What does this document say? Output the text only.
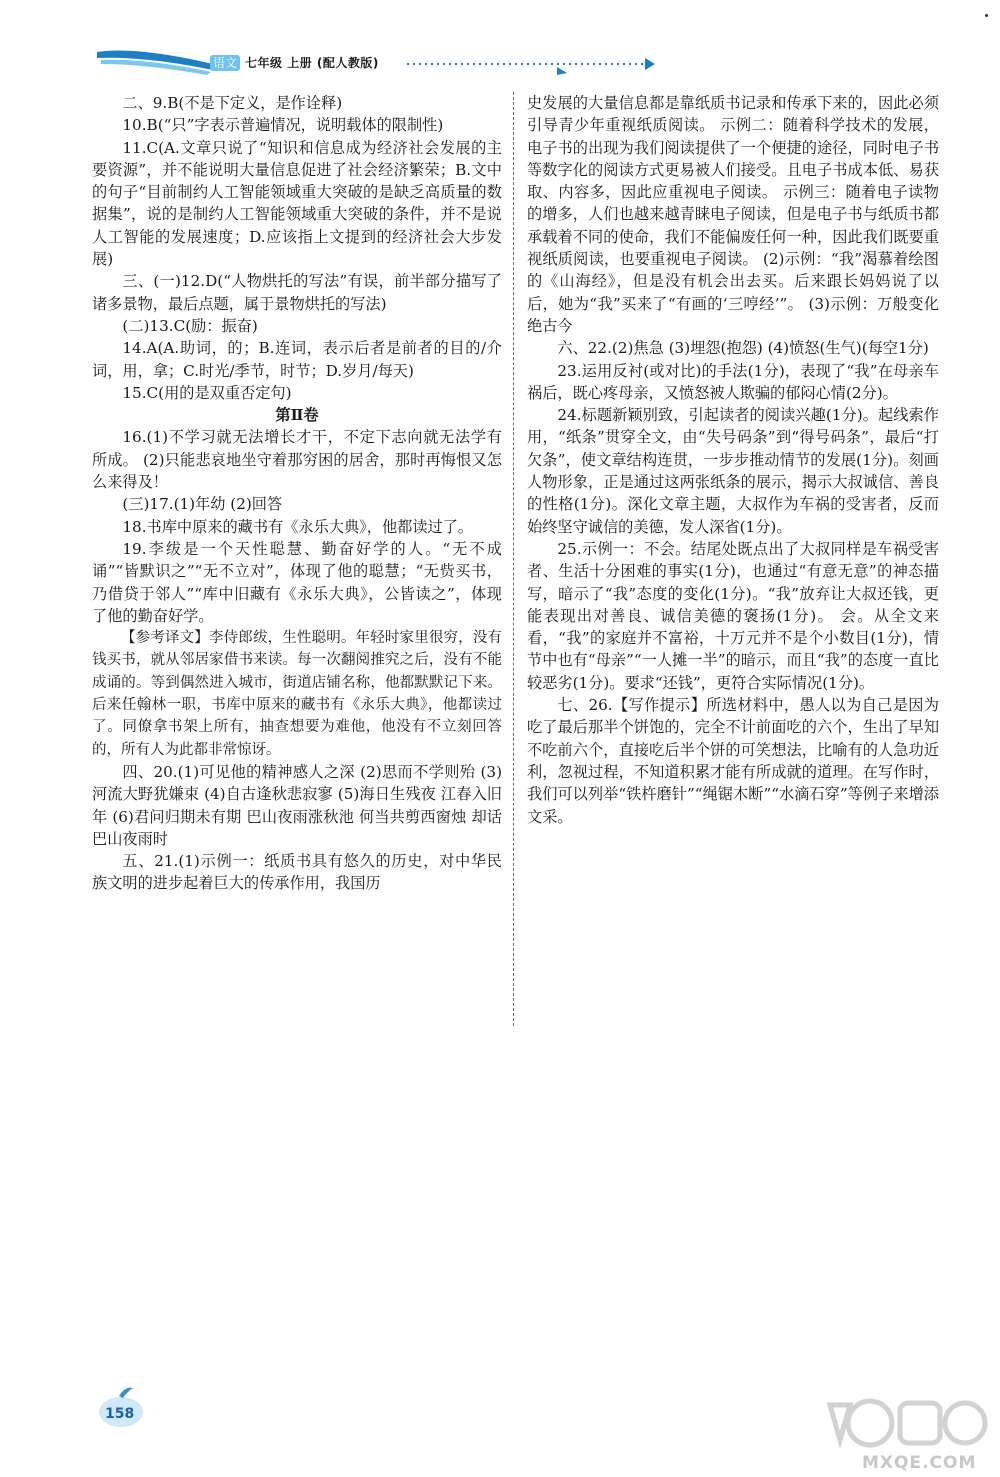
语文 七年级 上册 (配人教版)

二、9.B(不是下定义，是作诠释)

10.B(“只”字表示普遍情况，说明载体的限制性)

11.C(A.文章只说了“知识和信息成为经济社会发展的主要资源”，并不能说明大量信息促进了社会经济繁荣；B.文中的句子“目前制约人工智能领域重大突破的是缺乏高质量的数据集”，说的是制约人工智能领域重大突破的条件，并不是说人工智能的发展速度；D.应该指上文提到的经济社会大步发展)

三、(一)12.D(“人物烘托的写法”有误，前半部分描写了诸多景物，最后点题，属于景物烘托的写法)

(二)13.C(励：振奋)

14.A(A.助词，的；B.连词，表示后者是前者的目的/介词，用，拿；C.时光/季节，时节；D.岁月/每天)

15.C(用的是双重否定句)

第Ⅱ卷

16.(1)不学习就无法增长才干，不定下志向就无法学有所成。 (2)只能悲哀地坐守着那穷困的居舍，那时再悔恨又怎么来得及！

(三)17.(1)年幼 (2)回答

18.书库中原来的藏书有《永乐大典》，他都读过了。

19.李绂是一个天性聪慧、勤奋好学的人。“无不成诵”“皆默识之”“无不立对”，体现了他的聪慧；“无赀买书，乃借贷于邻人”“库中旧藏有《永乐大典》，公皆读之”，体现了他的勤奋好学。

【参考译文】李侍郎绂，生性聪明。年轻时家里很穷，没有钱买书，就从邻居家借书来读。每一次翻阅推究之后，没有不能成诵的。等到偶然进入城市，街道店铺名称，他都默默记下来。后来任翰林一职，书库中原来的藏书有《永乐大典》，他都读过了。同僚拿书架上所有，抽查想要为难他，他没有不立刻回答的，所有人为此都非常惊讶。

四、20.(1)可见他的精神感人之深 (2)思而不学则殆 (3)河流大野犹嫌束 (4)自古逢秋悲寂寥 (5)海日生残夜 江春入旧年 (6)君问归期未有期 巴山夜雨涨秋池 何当共剪西窗烛 却话巴山夜雨时

五、21.(1)示例一：纸质书具有悠久的历史，对中华民族文明的进步起着巨大的传承作用，我国历

史发展的大量信息都是靠纸质书记录和传承下来的，因此必须引导青少年重视纸质阅读。 示例二：随着科学技术的发展，电子书的出现为我们阅读提供了一个便捷的途径，同时电子书等数字化的阅读方式更易被人们接受。且电子书成本低、易获取、内容多，因此应重视电子阅读。 示例三：随着电子读物的增多，人们也越来越青睐电子阅读，但是电子书与纸质书都承载着不同的使命，我们不能偏废任何一种，因此我们既要重视纸质阅读，也要重视电子阅读。 (2)示例：“我”渴慕着绘图的《山海经》，但是没有机会出去买。后来跟长妈妈说了以后，她为“我”买来了“有画的‘三哼经’”。 (3)示例：万般变化绝古今

六、22.(2)焦急 (3)埋怨(抱怨) (4)愤怒(生气)(每空1分)

23.运用反衬(或对比)的手法(1分)，表现了“我”在母亲车祸后，既心疼母亲，又愤怒被人欺骗的郁闷心情(2分)。

24.标题新颖别致，引起读者的阅读兴趣(1分)。起线索作用，“纸条”贯穿全文，由“失号码条”到“得号码条”，最后“打欠条”，使文章结构连贯，一步步推动情节的发展(1分)。刻画人物形象，正是通过这两张纸条的展示，揭示大叔诚信、善良的性格(1分)。深化文章主题，大叔作为车祸的受害者，反而始终坚守诚信的美德，发人深省(1分)。

25.示例一：不会。结尾处既点出了大叔同样是车祸受害者、生活十分困难的事实(1分)，也通过“有意无意”的神态描写，暗示了“我”态度的变化(1分)。“我”放弃让大叔还钱，更能表现出对善良、诚信美德的褒扬(1分)。 会。从全文来看，“我”的家庭并不富裕，十万元并不是个小数目(1分)，情节中也有“母亲”“一人摊一半”的暗示，而且“我”的态度一直比较恶劣(1分)。要求“还钱”，更符合实际情况(1分)。

七、26.【写作提示】所选材料中，愚人以为自己是因为吃了最后那半个饼饱的，完全不计前面吃的六个，生出了早知不吃前六个，直接吃后半个饼的可笑想法，比喻有的人急功近利，忽视过程，不知道积累才能有所成就的道理。在写作时，我们可以列举“铁杵磨针”“绳锯木断”“水滴石穿”等例子来增添文采。

158
MXQE.COM
